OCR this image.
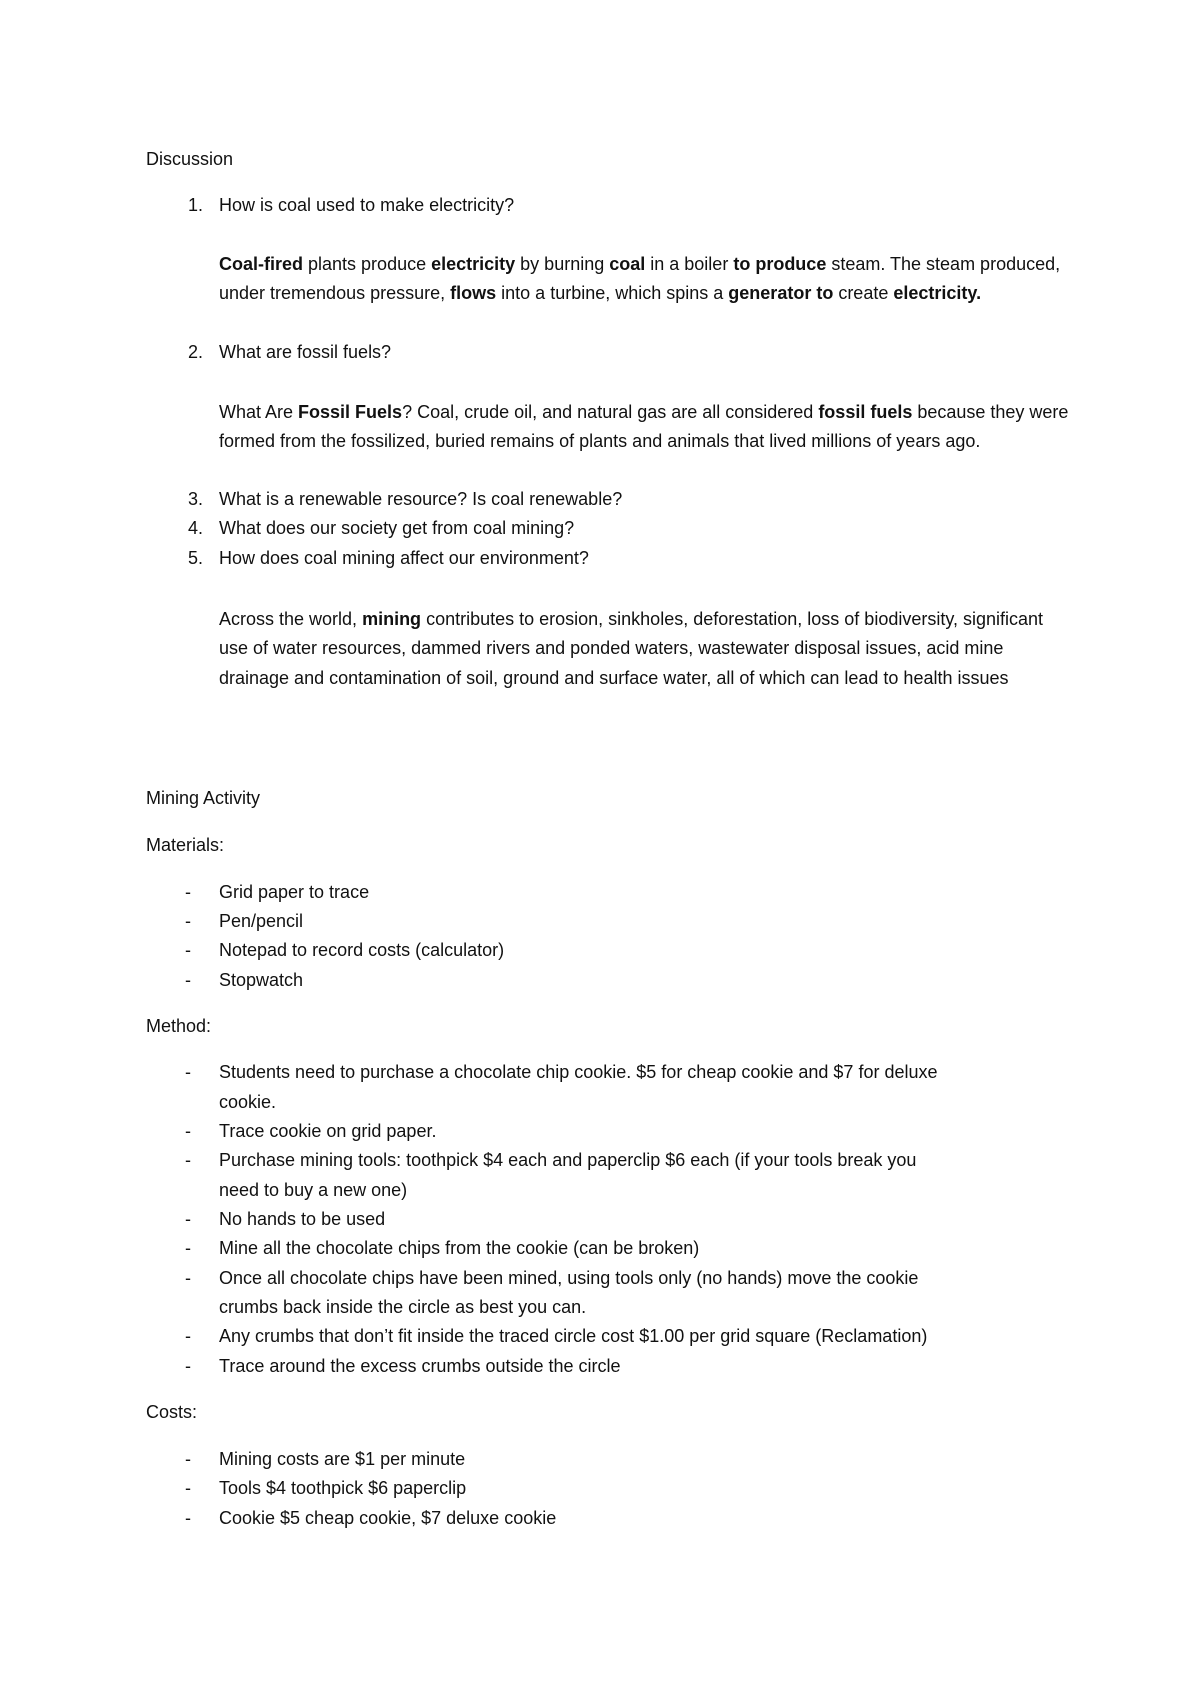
Discussion
1. How is coal used to make electricity?
Coal-fired plants produce electricity by burning coal in a boiler to produce steam. The steam produced, under tremendous pressure, flows into a turbine, which spins a generator to create electricity.
2. What are fossil fuels?
What Are Fossil Fuels? Coal, crude oil, and natural gas are all considered fossil fuels because they were formed from the fossilized, buried remains of plants and animals that lived millions of years ago.
3. What is a renewable resource? Is coal renewable?
4. What does our society get from coal mining?
5. How does coal mining affect our environment?
Across the world, mining contributes to erosion, sinkholes, deforestation, loss of biodiversity, significant use of water resources, dammed rivers and ponded waters, wastewater disposal issues, acid mine drainage and contamination of soil, ground and surface water, all of which can lead to health issues
Mining Activity
Materials:
- Grid paper to trace
- Pen/pencil
- Notepad to record costs (calculator)
- Stopwatch
Method:
- Students need to purchase a chocolate chip cookie. $5 for cheap cookie and $7 for deluxe
cookie.
- Trace cookie on grid paper.
- Purchase mining tools: toothpick $4 each and paperclip $6 each (if your tools break you
need to buy a new one)
- No hands to be used
- Mine all the chocolate chips from the cookie (can be broken)
- Once all chocolate chips have been mined, using tools only (no hands) move the cookie
crumbs back inside the circle as best you can.
- Any crumbs that don’t fit inside the traced circle cost $1.00 per grid square (Reclamation)
- Trace around the excess crumbs outside the circle
Costs:
- Mining costs are $1 per minute
- Tools $4 toothpick $6 paperclip
- Cookie $5 cheap cookie, $7 deluxe cookie
